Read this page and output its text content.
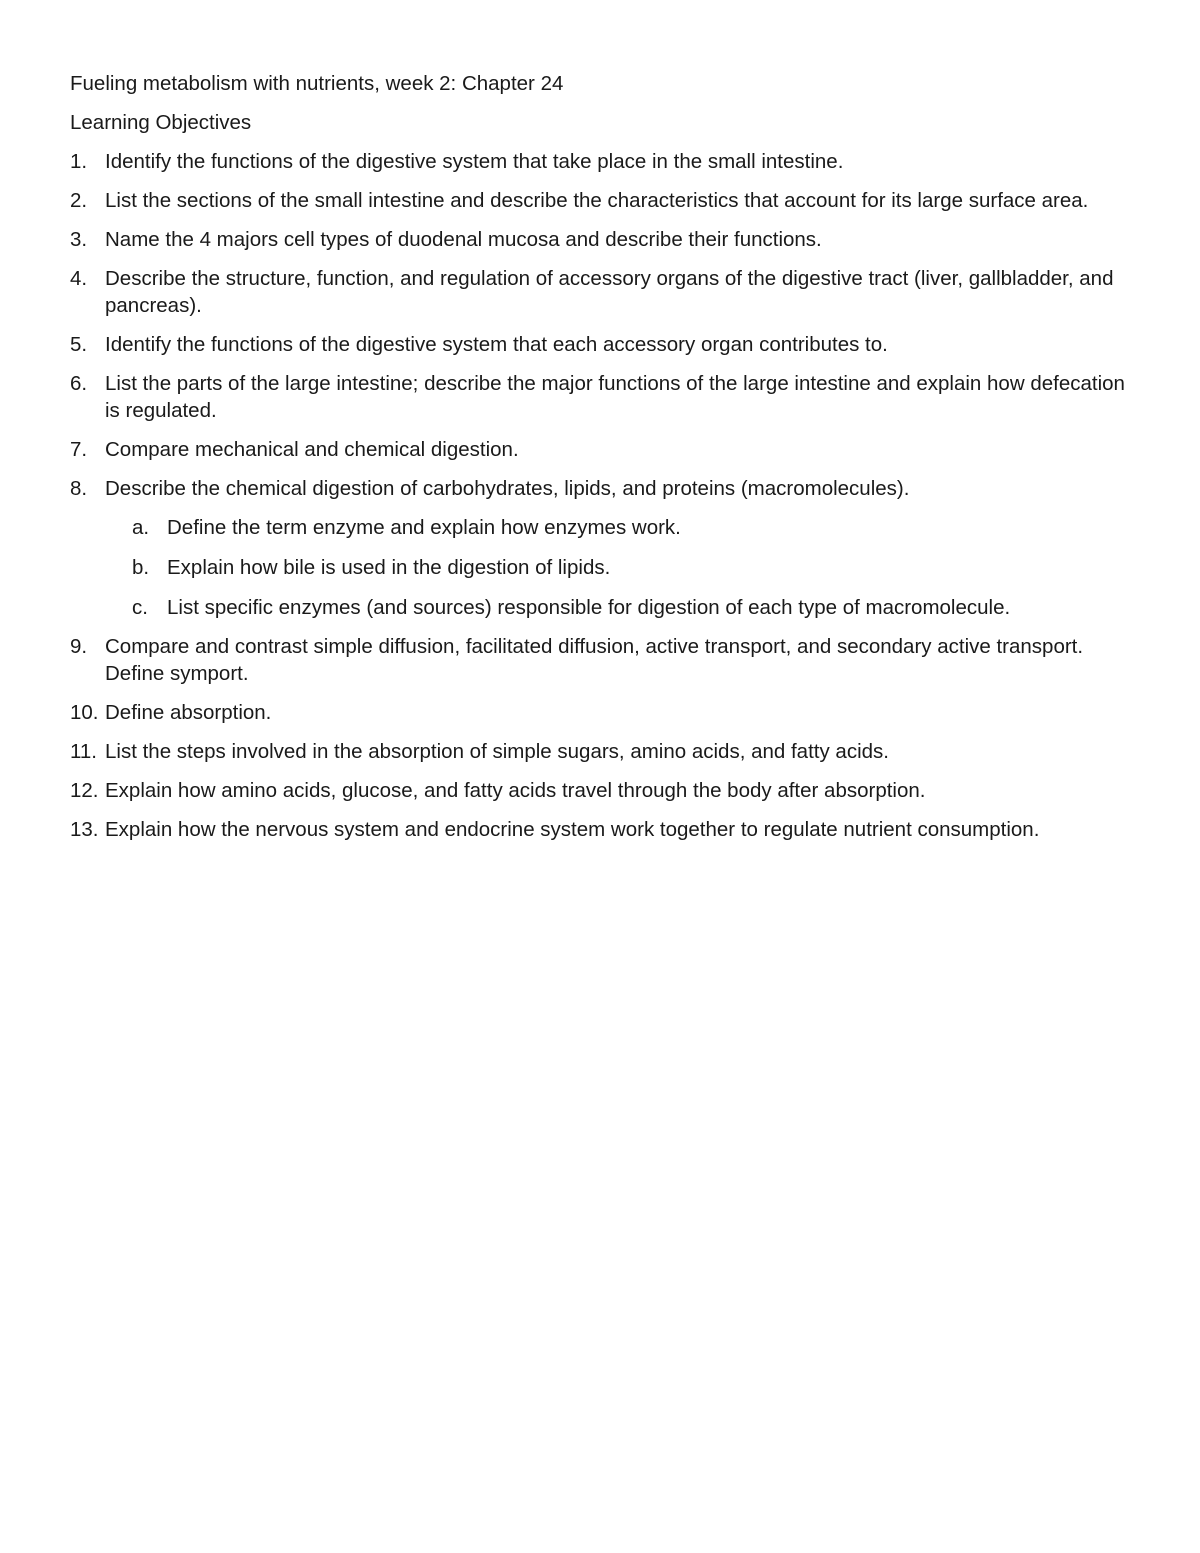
Fueling metabolism with nutrients, week 2: Chapter 24
Learning Objectives
1. Identify the functions of the digestive system that take place in the small intestine.
2. List the sections of the small intestine and describe the characteristics that account for its large surface area.
3. Name the 4 majors cell types of duodenal mucosa and describe their functions.
4. Describe the structure, function, and regulation of accessory organs of the digestive tract (liver, gallbladder, and pancreas).
5. Identify the functions of the digestive system that each accessory organ contributes to.
6. List the parts of the large intestine; describe the major functions of the large intestine and explain how defecation is regulated.
7. Compare mechanical and chemical digestion.
8. Describe the chemical digestion of carbohydrates, lipids, and proteins (macromolecules).
a. Define the term enzyme and explain how enzymes work.
b. Explain how bile is used in the digestion of lipids.
c. List specific enzymes (and sources) responsible for digestion of each type of macromolecule.
9. Compare and contrast simple diffusion, facilitated diffusion, active transport, and secondary active transport. Define symport.
10. Define absorption.
11. List the steps involved in the absorption of simple sugars, amino acids, and fatty acids.
12. Explain how amino acids, glucose, and fatty acids travel through the body after absorption.
13. Explain how the nervous system and endocrine system work together to regulate nutrient consumption.
